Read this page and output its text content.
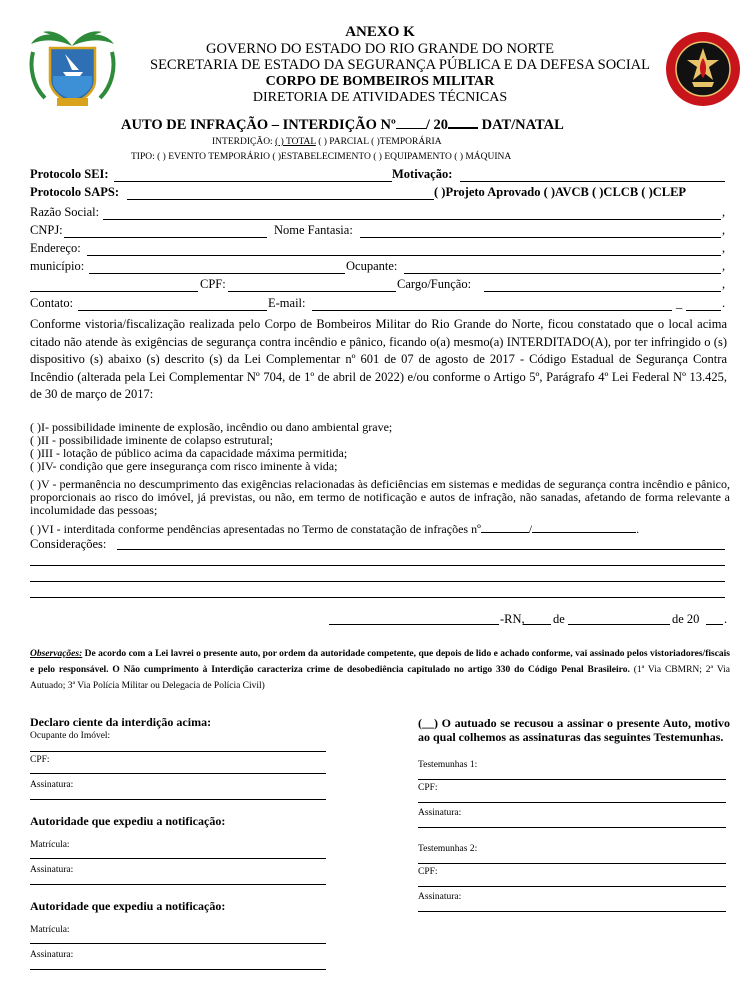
ANEXO K
GOVERNO DO ESTADO DO RIO GRANDE DO NORTE
SECRETARIA DE ESTADO DA SEGURANÇA PÚBLICA E DA DEFESA SOCIAL
CORPO DE BOMBEIROS MILITAR
DIRETORIA DE ATIVIDADES TÉCNICAS
AUTO DE INFRAÇÃO – INTERDIÇÃO Nº / 20 DAT/NATAL
INTERDIÇÃO: ( ) TOTAL ( ) PARCIAL ( )TEMPORÁRIA
TIPO: ( ) EVENTO TEMPORÁRIO ( )ESTABELECIMENTO ( ) EQUIPAMENTO ( ) MÁQUINA
Protocolo SEI:	Motivação:
Protocolo SAPS:	( )Projeto Aprovado ( )AVCB ( )CLCB ( )CLEP
Razão Social:	,
CNPJ:	Nome Fantasia:	,
Endereço:	,
município:	Ocupante:	,
CPF:	Cargo/Função:	,
Contato:	E-mail:	_	.
Conforme vistoria/fiscalização realizada pelo Corpo de Bombeiros Militar do Rio Grande do Norte, ficou constatado que o local acima citado não atende às exigências de segurança contra incêndio e pânico, ficando o(a) mesmo(a) INTERDITADO(A), por ter infringido o (s) dispositivo (s) abaixo (s) descrito (s) da Lei Complementar nº 601 de 07 de agosto de 2017 - Código Estadual de Segurança Contra Incêndio (alterada pela Lei Complementar Nº 704, de 1º de abril de 2022) e/ou conforme o Artigo 5º, Parágrafo 4º Lei Federal Nº 13.425, de 30 de março de 2017:
( )I- possibilidade iminente de explosão, incêndio ou dano ambiental grave;
( )II - possibilidade iminente de colapso estrutural;
( )III - lotação de público acima da capacidade máxima permitida;
( )IV- condição que gere insegurança com risco iminente à vida;
( )V - permanência no descumprimento das exigências relacionadas às deficiências em sistemas e medidas de segurança contra incêndio e pânico, proporcionais ao risco do imóvel, já previstas, ou não, em termo de notificação e autos de infração, não sanadas, afetando de forma relevante a incolumidade das pessoas;
( )VI - interditada conforme pendências apresentadas no Termo de constatação de infrações nº	/	.
Considerações:
-RN, de	de 20 .
Observações: De acordo com a Lei lavrei o presente auto, por ordem da autoridade competente, que depois de lido e achado conforme, vai assinado pelos vistoriadores/fiscais e pelo responsável. O Não cumprimento à Interdição caracteriza crime de desobediência capitulado no artigo 330 do Código Penal Brasileiro. (1ª Via CBMRN; 2ª Via Autuado; 3ª Via Polícia Militar ou Delegacia de Polícia Civil)
Declaro ciente da interdição acima:
Ocupante do Imóvel:
CPF:
Assinatura:
Autoridade que expediu a notificação:
Matrícula:
Assinatura:
Autoridade que expediu a notificação:
Matrícula:
Assinatura:
(__) O autuado se recusou a assinar o presente Auto, motivo ao qual colhemos as assinaturas das seguintes Testemunhas.
Testemunhas 1:
CPF:
Assinatura:
Testemunhas 2:
CPF:
Assinatura:
